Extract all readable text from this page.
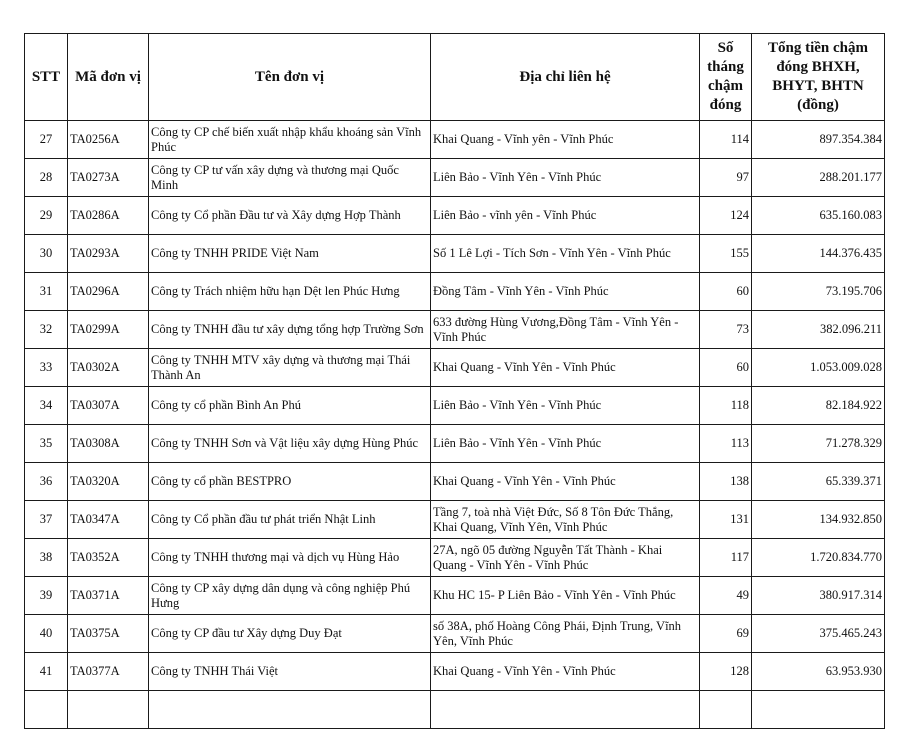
STT	Mã đơn vị	Tên đơn vị	Địa chỉ liên hệ	Số tháng chậm đóng	Tổng tiền chậm đóng BHXH, BHYT, BHTN (đồng)
27	TA0256A	Công ty CP chế biến xuất nhập khẩu khoáng sản Vĩnh Phúc	Khai Quang - Vĩnh yên - Vĩnh Phúc	114	897.354.384
28	TA0273A	Công ty CP tư vấn xây dựng và thương mại Quốc Minh	Liên Bảo - Vĩnh Yên - Vĩnh Phúc	97	288.201.177
29	TA0286A	Công ty Cổ phần Đầu tư và Xây dựng Hợp Thành	Liên Bảo - vĩnh yên - Vĩnh Phúc	124	635.160.083
30	TA0293A	Công ty TNHH PRIDE Việt Nam	Số 1 Lê Lợi - Tích Sơn - Vĩnh Yên - Vĩnh Phúc	155	144.376.435
31	TA0296A	Công ty Trách nhiệm hữu hạn Dệt len Phúc Hưng	Đồng Tâm - Vĩnh Yên - Vĩnh Phúc	60	73.195.706
32	TA0299A	Công ty TNHH đầu tư xây dựng tổng hợp Trường Sơn	633 đường Hùng Vương,Đồng Tâm - Vĩnh Yên - Vĩnh Phúc	73	382.096.211
33	TA0302A	Công ty TNHH MTV xây dựng và thương mại Thái Thành An	Khai Quang - Vĩnh Yên - Vĩnh Phúc	60	1.053.009.028
34	TA0307A	Công ty cổ phần Bình An Phú	Liên Bảo - Vĩnh Yên - Vĩnh Phúc	118	82.184.922
35	TA0308A	Công ty TNHH Sơn và Vật liệu xây dựng Hùng Phúc	Liên Bảo - Vĩnh Yên - Vĩnh Phúc	113	71.278.329
36	TA0320A	Công ty cổ phần BESTPRO	Khai Quang - Vĩnh Yên - Vĩnh Phúc	138	65.339.371
37	TA0347A	Công ty Cổ phần đầu tư phát triển Nhật Linh	Tầng 7, toà nhà Việt Đức, Số 8 Tôn Đức Thắng, Khai Quang, Vĩnh Yên, Vĩnh Phúc	131	134.932.850
38	TA0352A	Công ty TNHH thương mại và dịch vụ Hùng Hảo	27A, ngõ 05 đường Nguyễn Tất Thành - Khai Quang - Vĩnh Yên - Vĩnh Phúc	117	1.720.834.770
39	TA0371A	Công ty CP xây dựng dân dụng và công nghiệp Phú Hưng	Khu HC 15- P Liên Bảo - Vĩnh Yên - Vĩnh Phúc	49	380.917.314
40	TA0375A	Công ty CP đầu tư Xây dựng Duy Đạt	số 38A, phố Hoàng Công Phái, Định Trung, Vĩnh Yên, Vĩnh Phúc	69	375.465.243
41	TA0377A	Công ty TNHH Thái Việt	Khai Quang - Vĩnh Yên - Vĩnh Phúc	128	63.953.930
